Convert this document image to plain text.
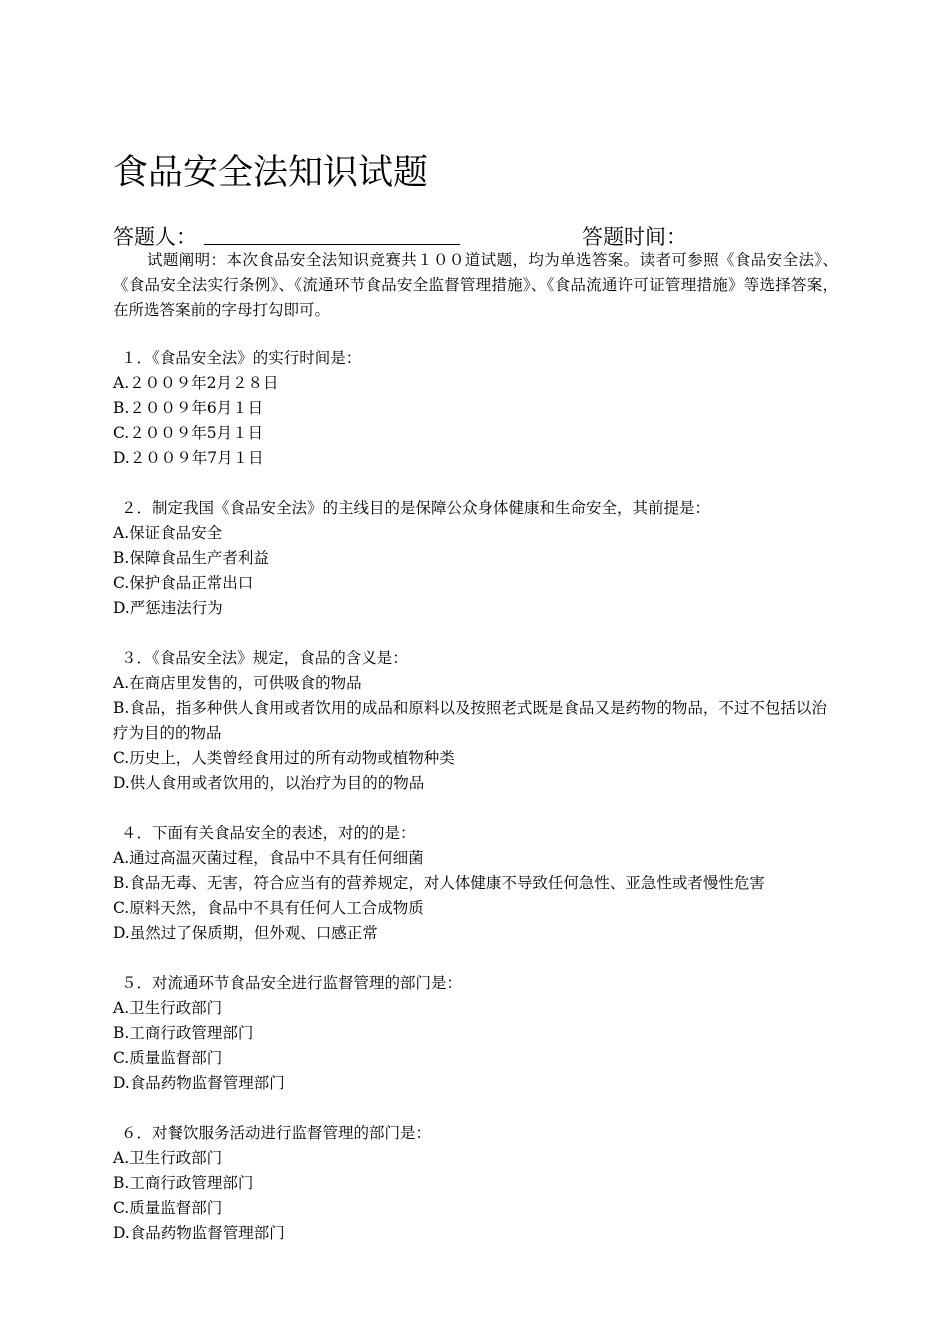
食品安全法知识试题
答题人：	答题时间：
试题阐明：本次食品安全法知识竞赛共１００道试题，均为单选答案。读者可参照《食品安全法》、《食品安全法实行条例》、《流通环节食品安全监督管理措施》、《食品流通许可证管理措施》等选择答案，在所选答案前的字母打勾即可。
１．《食品安全法》的实行时间是：
A.２００９年2月２８日
B.２００９年6月１日
C.２００９年5月１日
D.２００９年7月１日
２．制定我国《食品安全法》的主线目的是保障公众身体健康和生命安全，其前提是：
A.保证食品安全
B.保障食品生产者利益
C.保护食品正常出口
D.严惩违法行为
３．《食品安全法》规定，食品的含义是：
A.在商店里发售的，可供吸食的物品
B.食品，指多种供人食用或者饮用的成品和原料以及按照老式既是食品又是药物的物品，不过不包括以治疗为目的的物品
C.历史上，人类曾经食用过的所有动物或植物种类
D.供人食用或者饮用的，以治疗为目的的物品
４．下面有关食品安全的表述，对的的是：
A.通过高温灭菌过程，食品中不具有任何细菌
B.食品无毒、无害，符合应当有的营养规定，对人体健康不导致任何急性、亚急性或者慢性危害
C.原料天然，食品中不具有任何人工合成物质
D.虽然过了保质期，但外观、口感正常
５．对流通环节食品安全进行监督管理的部门是：
A.卫生行政部门
B.工商行政管理部门
C.质量监督部门
D.食品药物监督管理部门
６．对餐饮服务活动进行监督管理的部门是：
A.卫生行政部门
B.工商行政管理部门
C.质量监督部门
D.食品药物监督管理部门
